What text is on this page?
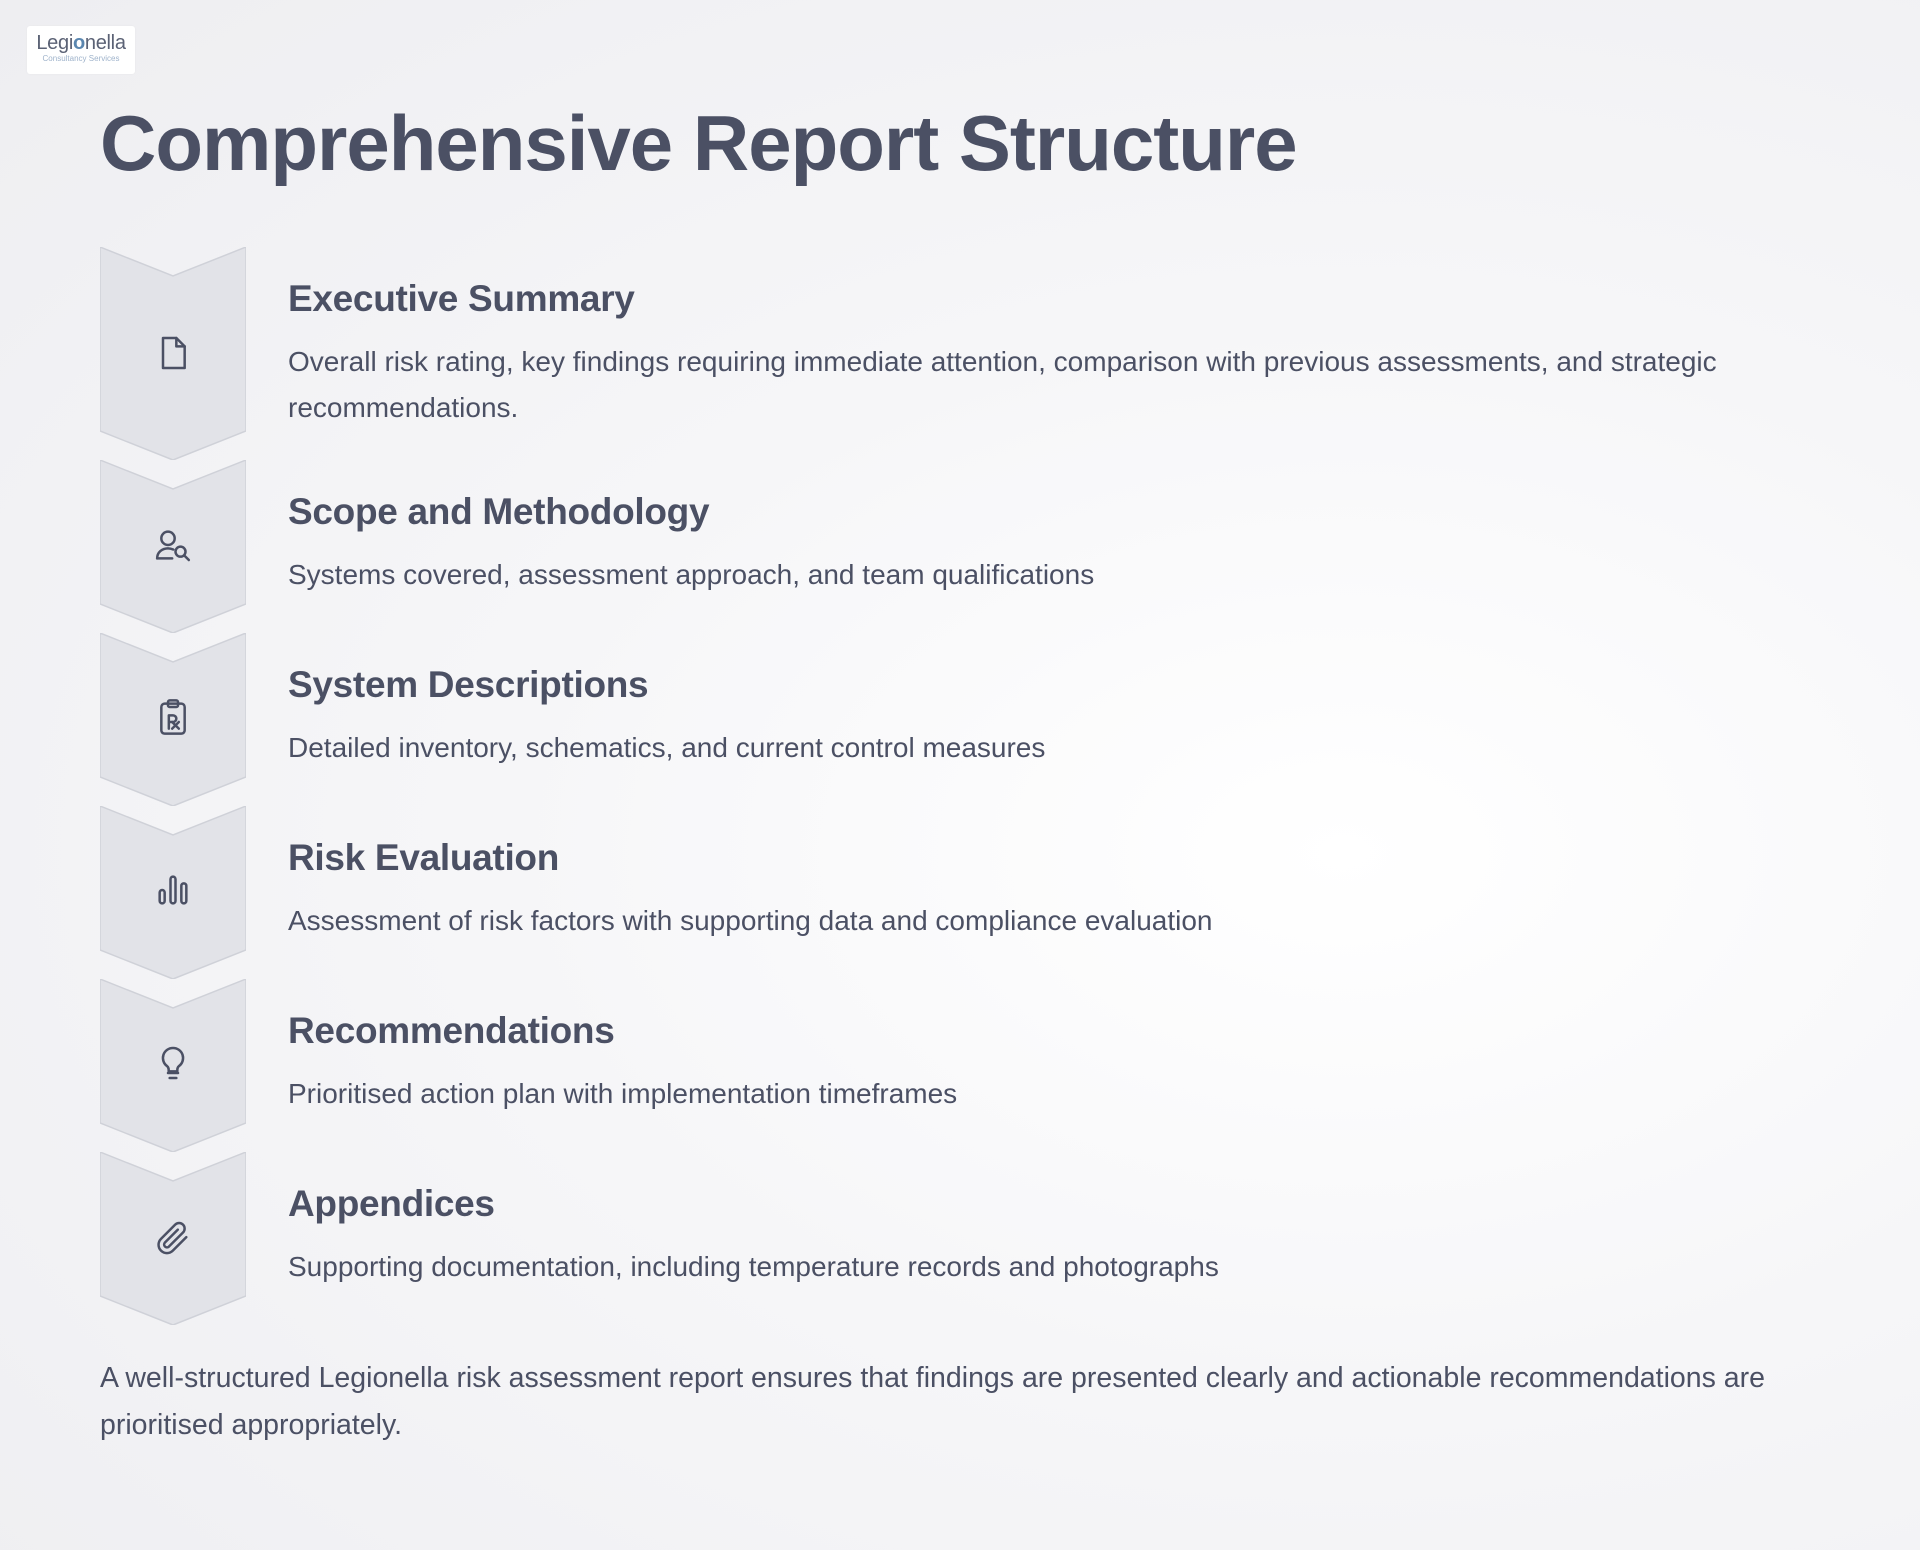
Legionella
Consultancy Services
Comprehensive Report Structure
Executive Summary

Overall risk rating, key findings requiring immediate attention, comparison with previous assessments, and strategic recommendations.

Scope and Methodology

Systems covered, assessment approach, and team qualifications

System Descriptions

Detailed inventory, schematics, and current control measures

Risk Evaluation

Assessment of risk factors with supporting data and compliance evaluation

Recommendations

Prioritised action plan with implementation timeframes

Appendices

Supporting documentation, including temperature records and photographs

A well-structured Legionella risk assessment report ensures that findings are presented clearly and actionable recommendations are prioritised appropriately.
